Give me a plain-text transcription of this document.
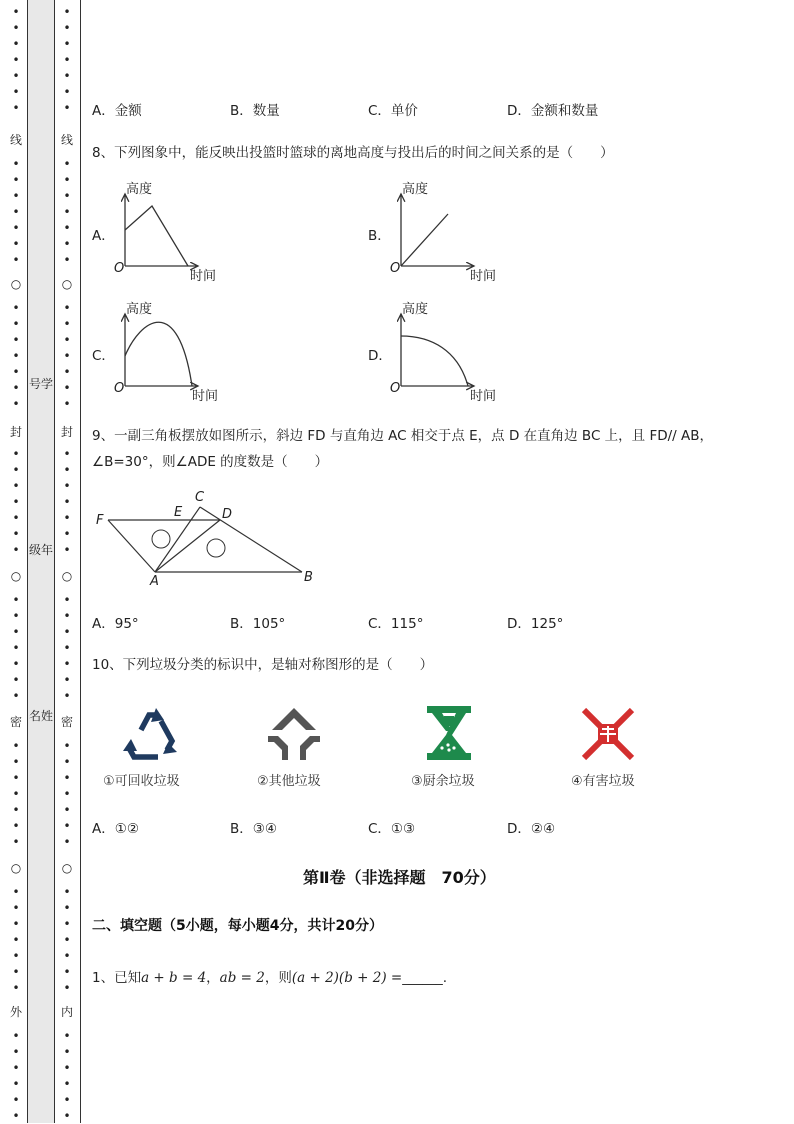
•
•
•
•
•
•
•
线
•
•
•
•
•
•
•
○
•
•
•
•
•
•
•
封
•
•
•
•
•
•
•
○
•
•
•
•
•
•
•
密
•
•
•
•
•
•
•
○
•
•
•
•
•
•
•
外
•
•
•
•
•
•
号学
级年
名姓
•
•
•
•
•
•
•
线
•
•
•
•
•
•
•
○
•
•
•
•
•
•
•
封
•
•
•
•
•
•
•
○
•
•
•
•
•
•
•
密
•
•
•
•
•
•
•
○
•
•
•
•
•
•
•
内
•
•
•
•
•
•
A．金额	B．数量	C．单价	D．金额和数量
8、下列图象中，能反映出投篮时篮球的离地高度与投出后的时间之间关系的是（　　）
A．	B．
C．	D．
高度
时间
O
高度
时间
O
高度
时间
O
高度
时间
O
9、一副三角板摆放如图所示，斜边 FD 与直角边 AC 相交于点 E，点 D 在直角边 BC 上，且 FD// AB，
∠B=30°，则∠ADE 的度数是（　　）
F
E
C
D
A	B
A．95°	B．105°	C．115°	D．125°
10、下列垃圾分类的标识中，是轴对称图形的是（　　）
①可回收垃圾	②其他垃圾	③厨余垃圾	④有害垃圾
A．①②	B．③④	C．①③	D．②④
第Ⅱ卷（非选择题　70分）
二、填空题（5小题，每小题4分，共计20分）
1、已知a + b = 4，ab = 2，则(a + 2)(b + 2) =______.
